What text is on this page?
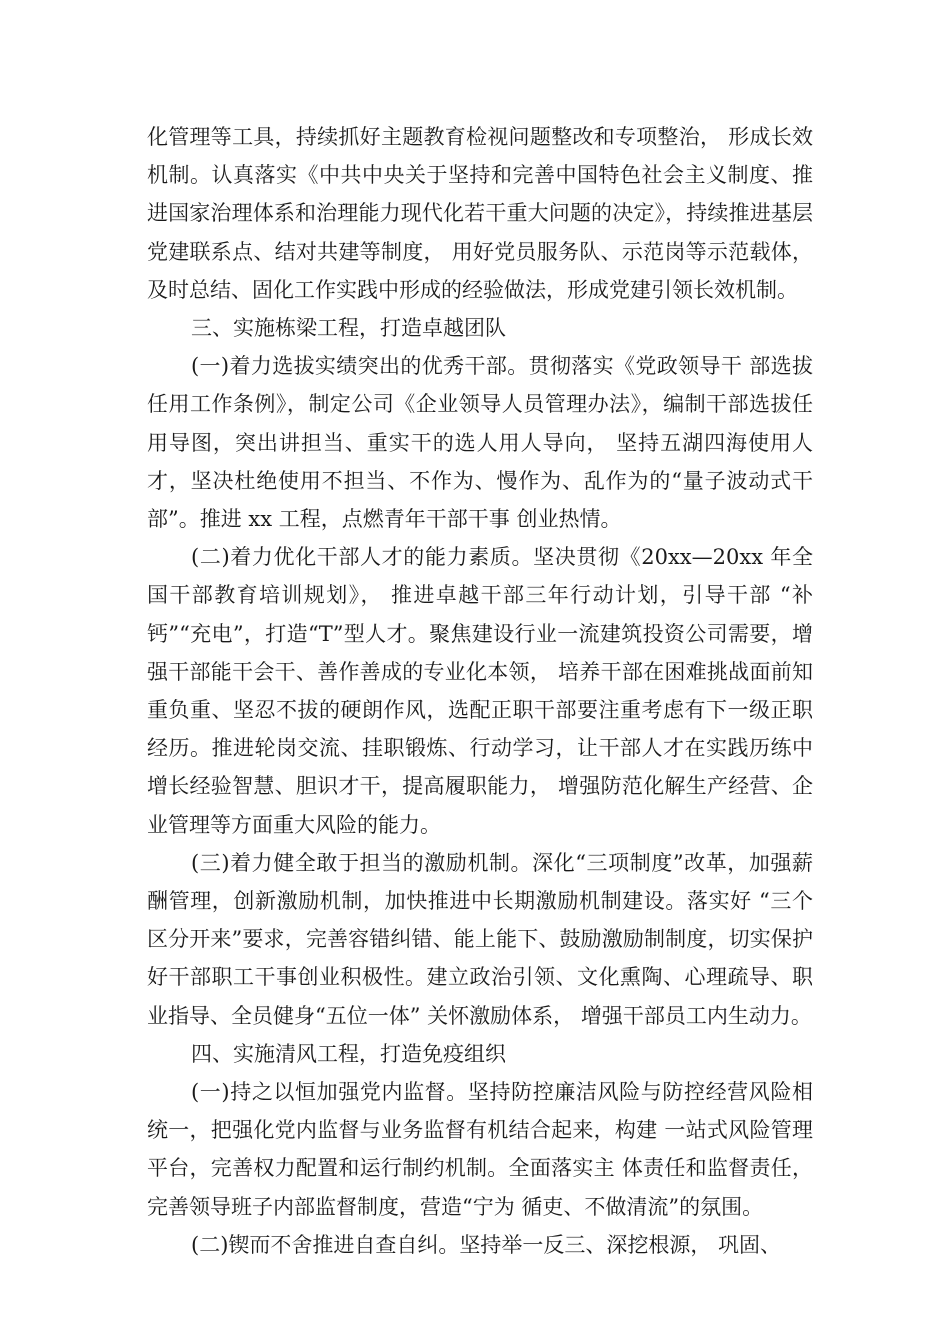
化管理等工具，持续抓好主题教育检视问题整改和专项整治， 形成长效机制。认真落实《中共中央关于坚持和完善中国特色社会主义制度、推进国家治理体系和治理能力现代化若干重大问题的决定》，持续推进基层党建联系点、结对共建等制度， 用好党员服务队、示范岗等示范载体，及时总结、固化工作实践中形成的经验做法，形成党建引领长效机制。

三、实施栋梁工程，打造卓越团队

(一)着力选拔实绩突出的优秀干部。贯彻落实《党政领导干 部选拔任用工作条例》，制定公司《企业领导人员管理办法》，编制干部选拔任用导图，突出讲担当、重实干的选人用人导向， 坚持五湖四海使用人才，坚决杜绝使用不担当、不作为、慢作为、乱作为的“量子波动式干部”。推进 xx 工程，点燃青年干部干事 创业热情。

(二)着力优化干部人才的能力素质。坚决贯彻《20xx—20xx 年全国干部教育培训规划》， 推进卓越干部三年行动计划，引导干部 “补钙”“充电”，打造“T”型人才。聚焦建设行业一流建筑投资公司需要，增强干部能干会干、善作善成的专业化本领， 培养干部在困难挑战面前知重负重、坚忍不拔的硬朗作风，选配正职干部要注重考虑有下一级正职经历。推进轮岗交流、挂职锻炼、行动学习，让干部人才在实践历练中增长经验智慧、胆识才干，提高履职能力， 增强防范化解生产经营、企业管理等方面重大风险的能力。

(三)着力健全敢于担当的激励机制。深化“三项制度”改革，加强薪酬管理，创新激励机制，加快推进中长期激励机制建设。落实好 “三个区分开来”要求，完善容错纠错、能上能下、鼓励激励制制度，切实保护好干部职工干事创业积极性。建立政治引领、文化熏陶、心理疏导、职业指导、全员健身“五位一体” 关怀激励体系， 增强干部员工内生动力。

四、实施清风工程，打造免疫组织

(一)持之以恒加强党内监督。坚持防控廉洁风险与防控经营风险相统一，把强化党内监督与业务监督有机结合起来，构建 一站式风险管理平台，完善权力配置和运行制约机制。全面落实主 体责任和监督责任，完善领导班子内部监督制度，营造“宁为 循吏、不做清流”的氛围。

(二)锲而不舍推进自查自纠。坚持举一反三、深挖根源， 巩固、
